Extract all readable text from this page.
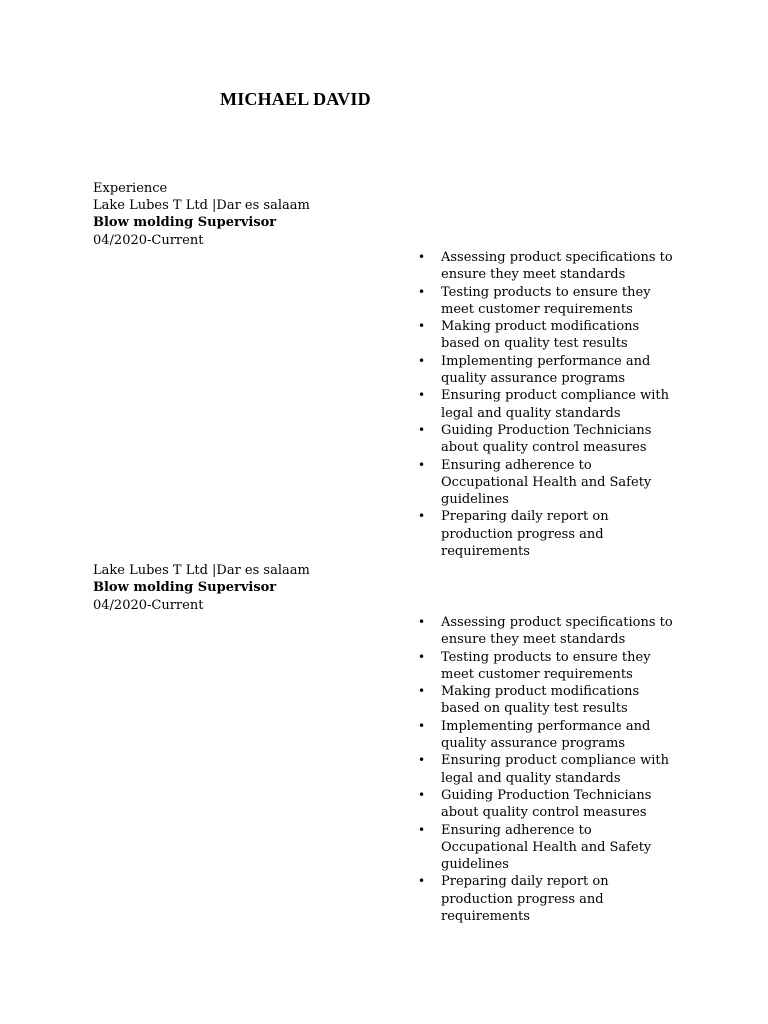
MICHAEL DAVID
Experience

Lake Lubes T Ltd |Dar es salaam

Blow molding Supervisor

04/2020-Current

• Assessing product specifications to ensure they meet standards
• Testing products to ensure they meet customer requirements
• Making product modifications based on quality test results
• Implementing performance and quality assurance programs
• Ensuring product compliance with legal and quality standards
• Guiding Production Technicians about quality control measures
• Ensuring adherence to Occupational Health and Safety guidelines
• Preparing daily report on production progress and requirements

Lake Lubes T Ltd |Dar es salaam

Blow molding Supervisor

04/2020-Current

• Assessing product specifications to ensure they meet standards
• Testing products to ensure they meet customer requirements
• Making product modifications based on quality test results
• Implementing performance and quality assurance programs
• Ensuring product compliance with legal and quality standards
• Guiding Production Technicians about quality control measures
• Ensuring adherence to Occupational Health and Safety guidelines
• Preparing daily report on production progress and requirements
